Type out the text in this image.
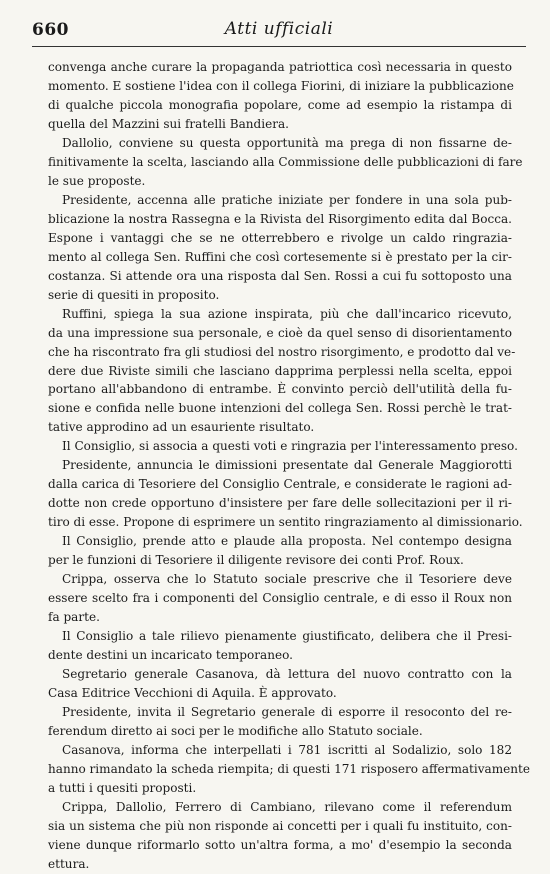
660	Atti ufficiali
convenga anche curare la propaganda patriottica così necessaria in questo
momento. E sostiene l'idea con il collega Fiorini, di iniziare la pubblicazione
di qualche piccola monografia popolare, come ad esempio la ristampa di
quella del Mazzini sui fratelli Bandiera.
Dallolio, conviene su questa opportunità ma prega di non fissarne de-
finitivamente la scelta, lasciando alla Commissione delle pubblicazioni di fare
le sue proposte.
Presidente, accenna alle pratiche iniziate per fondere in una sola pub-
blicazione la nostra Rassegna e la Rivista del Risorgimento edita dal Bocca.
Espone i vantaggi che se ne otterrebbero e rivolge un caldo ringrazia-
mento al collega Sen. Ruffini che così cortesemente si è prestato per la cir-
costanza. Si attende ora una risposta dal Sen. Rossi a cui fu sottoposto una
serie di quesiti in proposito.
Ruffini, spiega la sua azione inspirata, più che dall'incarico ricevuto,
da una impressione sua personale, e cioè da quel senso di disorientamento
che ha riscontrato fra gli studiosi del nostro risorgimento, e prodotto dal ve-
dere due Riviste simili che lasciano dapprima perplessi nella scelta, eppoi
portano all'abbandono di entrambe. È convinto perciò dell'utilità della fu-
sione e confida nelle buone intenzioni del collega Sen. Rossi perchè le trat-
tative approdino ad un esauriente risultato.
Il Consiglio, si associa a questi voti e ringrazia per l'interessamento preso.
Presidente, annuncia le dimissioni presentate dal Generale Maggiorotti
dalla carica di Tesoriere del Consiglio Centrale, e considerate le ragioni ad-
dotte non crede opportuno d'insistere per fare delle sollecitazioni per il ri-
tiro di esse. Propone di esprimere un sentito ringraziamento al dimissionario.
Il Consiglio, prende atto e plaude alla proposta. Nel contempo designa
per le funzioni di Tesoriere il diligente revisore dei conti Prof. Roux.
Crippa, osserva che lo Statuto sociale prescrive che il Tesoriere deve
essere scelto fra i componenti del Consiglio centrale, e di esso il Roux non
fa parte.
Il Consiglio a tale rilievo pienamente giustificato, delibera che il Presi-
dente destini un incaricato temporaneo.
Segretario generale Casanova, dà lettura del nuovo contratto con la
Casa Editrice Vecchioni di Aquila. È approvato.
Presidente, invita il Segretario generale di esporre il resoconto del re-
ferendum diretto ai soci per le modifiche allo Statuto sociale.
Casanova, informa che interpellati i 781 iscritti al Sodalizio, solo 182
hanno rimandato la scheda riempita; di questi 171 risposero affermativamente
a tutti i quesiti proposti.
Crippa, Dallolio, Ferrero di Cambiano, rilevano come il referendum
sia un sistema che più non risponde ai concetti per i quali fu instituito, con-
viene dunque riformarlo sotto un'altra forma, a mo' d'esempio la seconda
ettura.
